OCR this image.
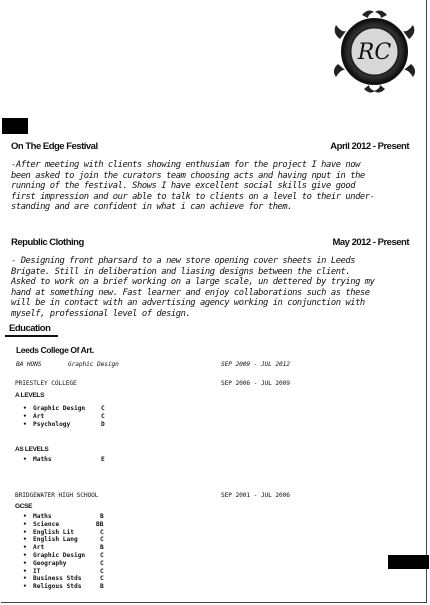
RC
On The Edge Festival	April 2012 - Present
-After meeting with clients showing enthusiam for the project I have now
been asked to join the curators team choosing acts and having nput in the
running of the festival. Shows I have excellent social skills give good
first impression and our able to talk to clients on a level to their under-
standing and are confident in what i can achieve for them.
Republic Clothing	May 2012 - Present
- Designing front pharsard to a new store opening cover sheets in Leeds
Brigate. Still in deliberation and liasing designs between the client.
Asked to work on a brief working on a large scale, un dettered by trying my
hand at something new. Fast learner and enjoy collaborations such as these
will be in contact with an advertising agency working in conjunction with
myself, professional level of design.
Education
Leeds College Of Art.
BA HONS	Graphic Design	SEP 2009 - JUL 2012
PRIESTLEY COLLEGE	SEP 2006 - JUL 2009
A LEVELS
• Graphic Design	C
• Art	C
• Psychology	D
AS LEVELS
• Maths	E
BRIDGEWATER HIGH SCHOOL	SEP 2001 - JUL 2006
GCSE
• Maths	B
• Science	BB
• English Lit	C
• English Lang	C
• Art	B
• Graphic Design C
• Geography	C
• IT	C
• Business Stds	C
• Religous Stds	B
